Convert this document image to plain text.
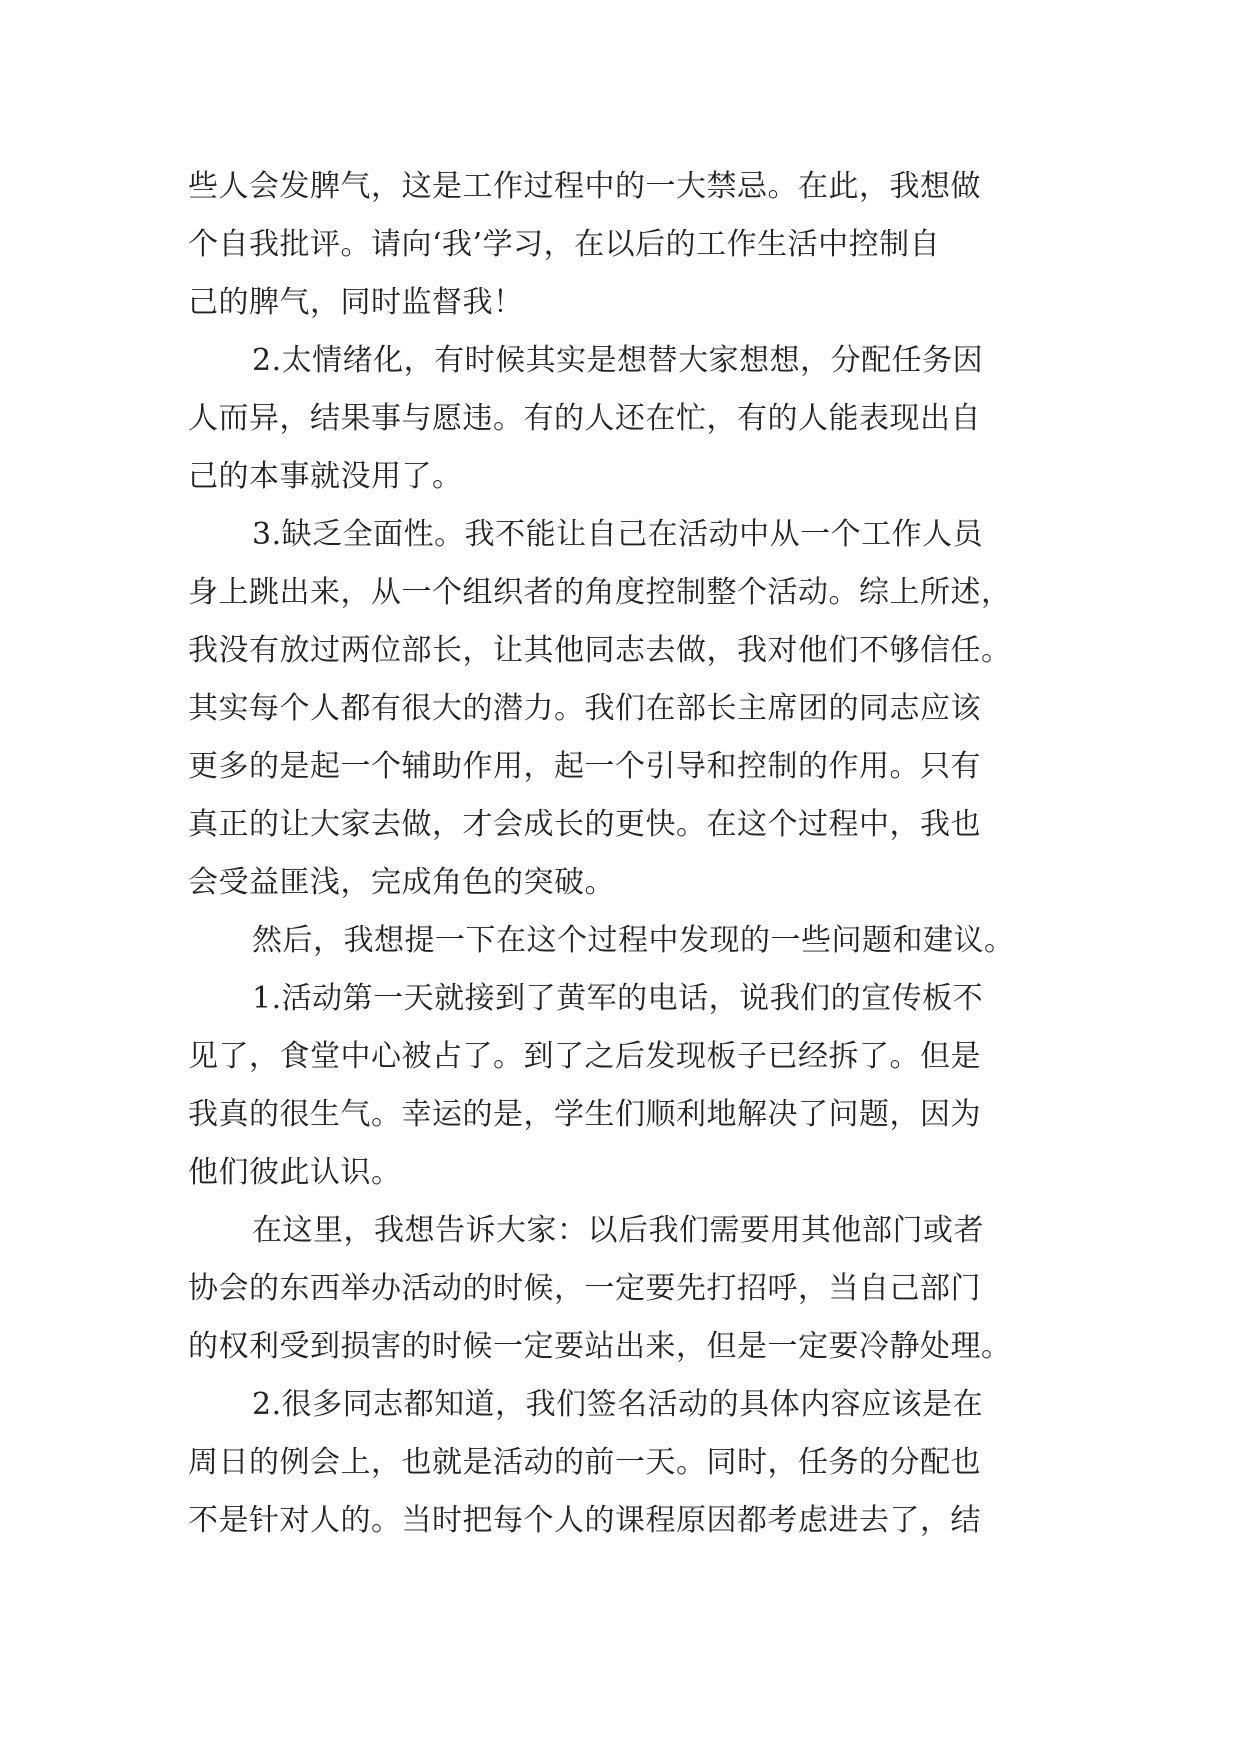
些人会发脾气，这是工作过程中的一大禁忌。在此，我想做
个自我批评。请向‘我’学习，在以后的工作生活中控制自
己的脾气，同时监督我！
2.太情绪化，有时候其实是想替大家想想，分配任务因
人而异，结果事与愿违。有的人还在忙，有的人能表现出自
己的本事就没用了。
3.缺乏全面性。我不能让自己在活动中从一个工作人员
身上跳出来，从一个组织者的角度控制整个活动。综上所述，
我没有放过两位部长，让其他同志去做，我对他们不够信任。
其实每个人都有很大的潜力。我们在部长主席团的同志应该
更多的是起一个辅助作用，起一个引导和控制的作用。只有
真正的让大家去做，才会成长的更快。在这个过程中，我也
会受益匪浅，完成角色的突破。
然后，我想提一下在这个过程中发现的一些问题和建议。
1.活动第一天就接到了黄军的电话，说我们的宣传板不
见了，食堂中心被占了。到了之后发现板子已经拆了。但是
我真的很生气。幸运的是，学生们顺利地解决了问题，因为
他们彼此认识。
在这里，我想告诉大家：以后我们需要用其他部门或者
协会的东西举办活动的时候，一定要先打招呼，当自己部门
的权利受到损害的时候一定要站出来，但是一定要冷静处理。
2.很多同志都知道，我们签名活动的具体内容应该是在
周日的例会上，也就是活动的前一天。同时，任务的分配也
不是针对人的。当时把每个人的课程原因都考虑进去了，结
